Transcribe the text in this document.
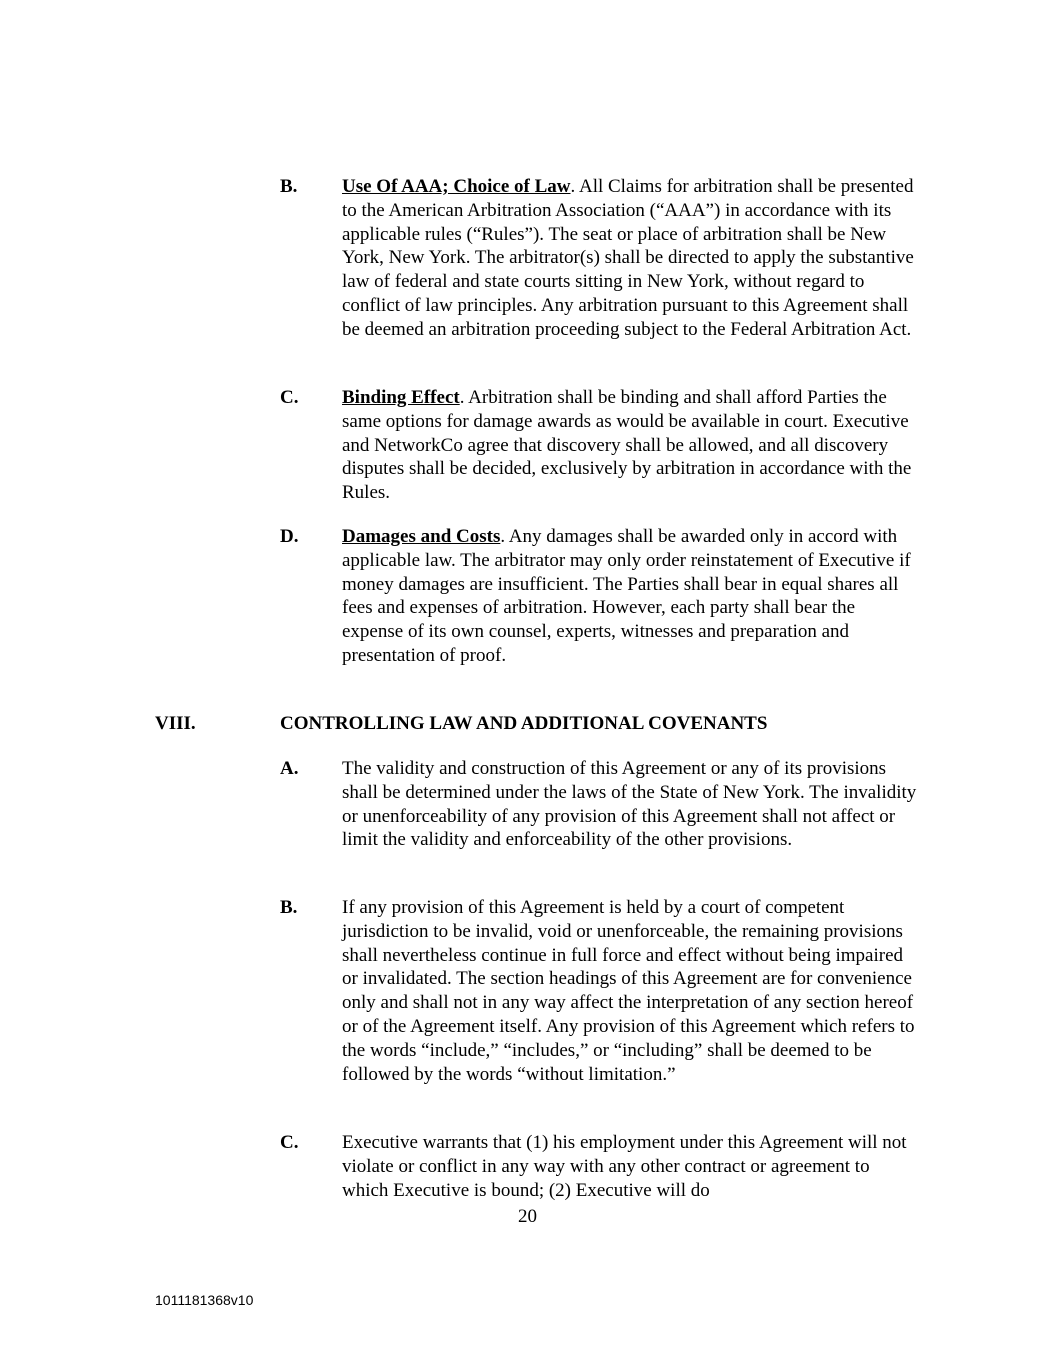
B. Use Of AAA; Choice of Law. All Claims for arbitration shall be presented to the American Arbitration Association (“AAA”) in accordance with its applicable rules (“Rules”). The seat or place of arbitration shall be New York, New York. The arbitrator(s) shall be directed to apply the substantive law of federal and state courts sitting in New York, without regard to conflict of law principles. Any arbitration pursuant to this Agreement shall be deemed an arbitration proceeding subject to the Federal Arbitration Act.
C. Binding Effect. Arbitration shall be binding and shall afford Parties the same options for damage awards as would be available in court. Executive and NetworkCo agree that discovery shall be allowed, and all discovery disputes shall be decided, exclusively by arbitration in accordance with the Rules.
D. Damages and Costs. Any damages shall be awarded only in accord with applicable law. The arbitrator may only order reinstatement of Executive if money damages are insufficient. The Parties shall bear in equal shares all fees and expenses of arbitration. However, each party shall bear the expense of its own counsel, experts, witnesses and preparation and presentation of proof.
VIII.	CONTROLLING LAW AND ADDITIONAL COVENANTS
A. The validity and construction of this Agreement or any of its provisions shall be determined under the laws of the State of New York. The invalidity or unenforceability of any provision of this Agreement shall not affect or limit the validity and enforceability of the other provisions.
B. If any provision of this Agreement is held by a court of competent jurisdiction to be invalid, void or unenforceable, the remaining provisions shall nevertheless continue in full force and effect without being impaired or invalidated. The section headings of this Agreement are for convenience only and shall not in any way affect the interpretation of any section hereof or of the Agreement itself. Any provision of this Agreement which refers to the words “include,” “includes,” or “including” shall be deemed to be followed by the words “without limitation.”
C. Executive warrants that (1) his employment under this Agreement will not violate or conflict in any way with any other contract or agreement to which Executive is bound; (2) Executive will do
20
1011181368v10
